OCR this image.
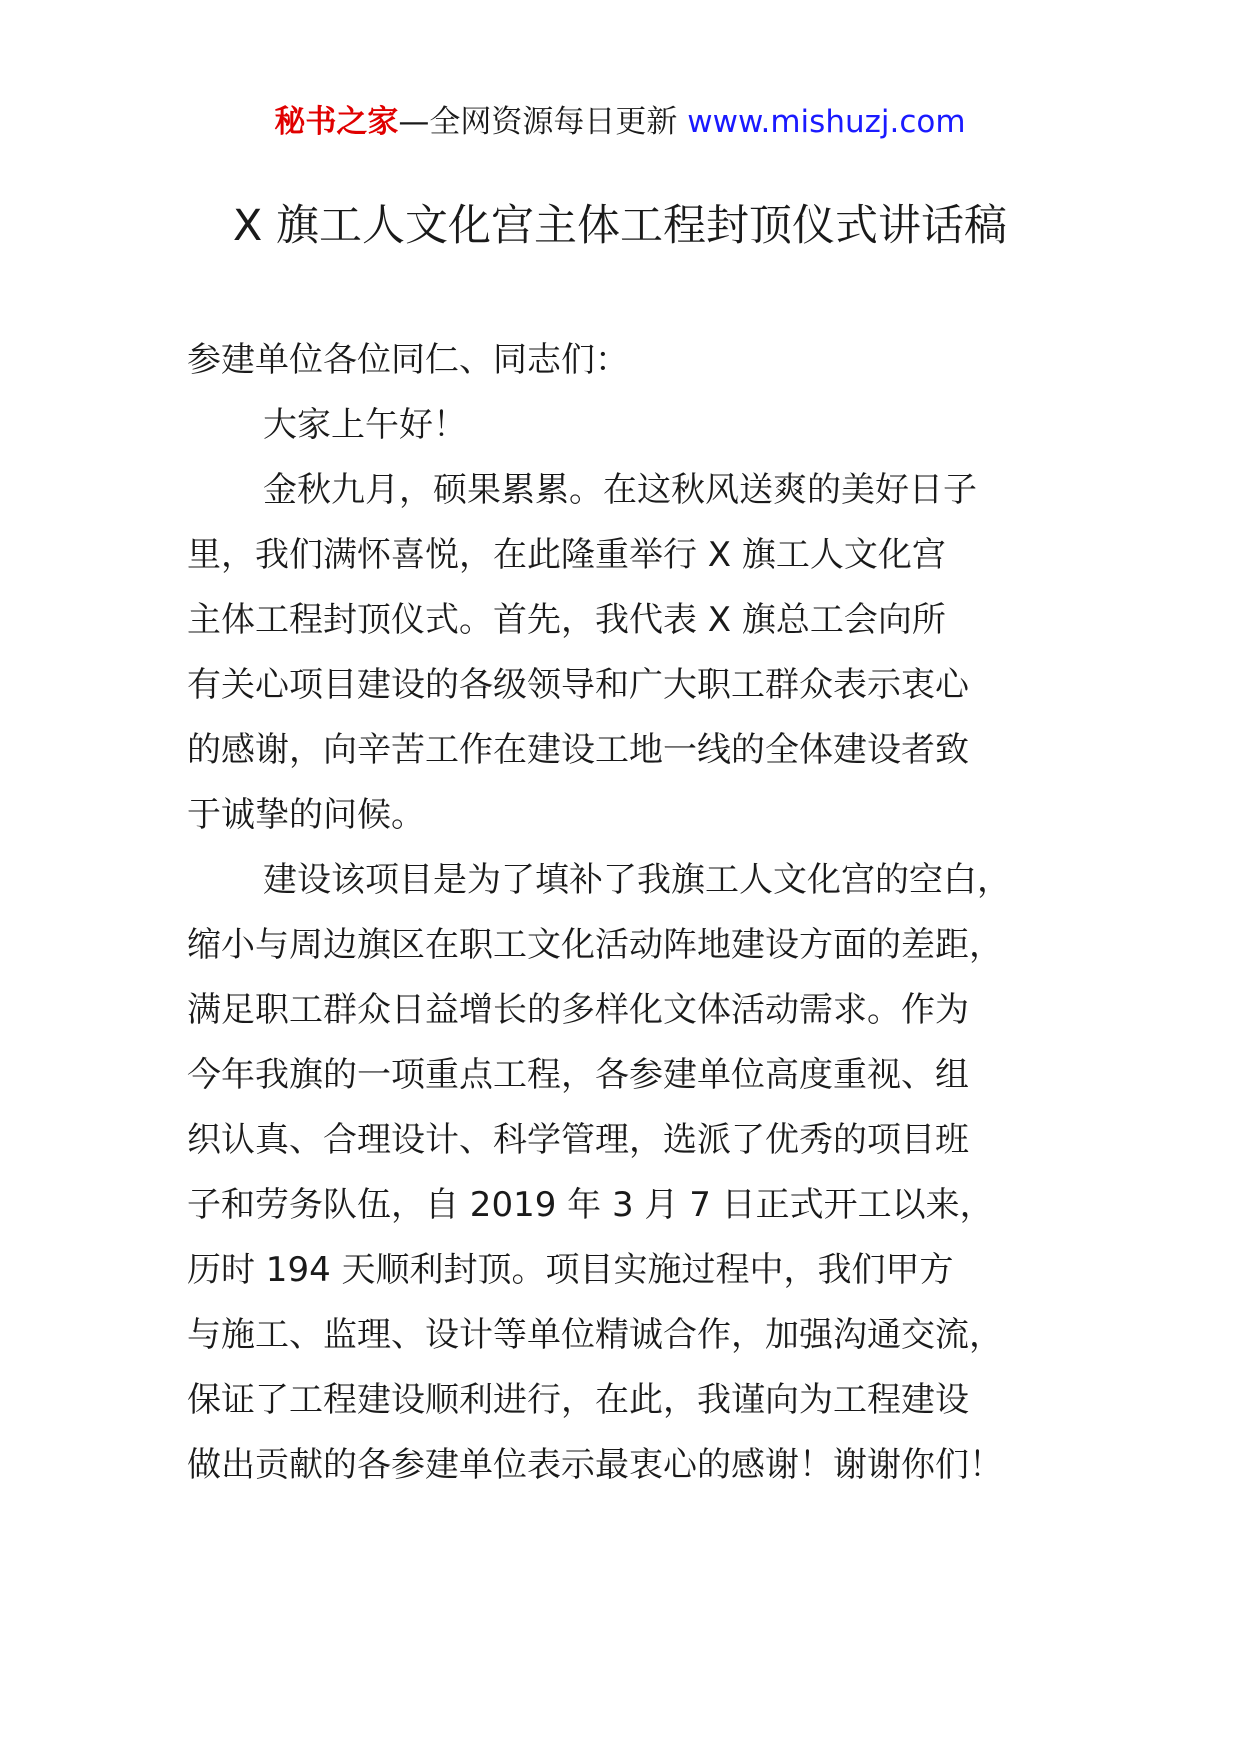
秘书之家—全网资源每日更新 www.mishuzj.com
X 旗工人文化宫主体工程封顶仪式讲话稿
参建单位各位同仁、同志们：
大家上午好！
金秋九月，硕果累累。在这秋风送爽的美好日子
里，我们满怀喜悦，在此隆重举行 X 旗工人文化宫
主体工程封顶仪式。首先，我代表 X 旗总工会向所
有关心项目建设的各级领导和广大职工群众表示衷心
的感谢，向辛苦工作在建设工地一线的全体建设者致
于诚挚的问候。
建设该项目是为了填补了我旗工人文化宫的空白，
缩小与周边旗区在职工文化活动阵地建设方面的差距，
满足职工群众日益增长的多样化文体活动需求。作为
今年我旗的一项重点工程，各参建单位高度重视、组
织认真、合理设计、科学管理，选派了优秀的项目班
子和劳务队伍，自 2019 年 3 月 7 日正式开工以来，
历时 194 天顺利封顶。项目实施过程中，我们甲方
与施工、监理、设计等单位精诚合作，加强沟通交流，
保证了工程建设顺利进行，在此，我谨向为工程建设
做出贡献的各参建单位表示最衷心的感谢！谢谢你们！
